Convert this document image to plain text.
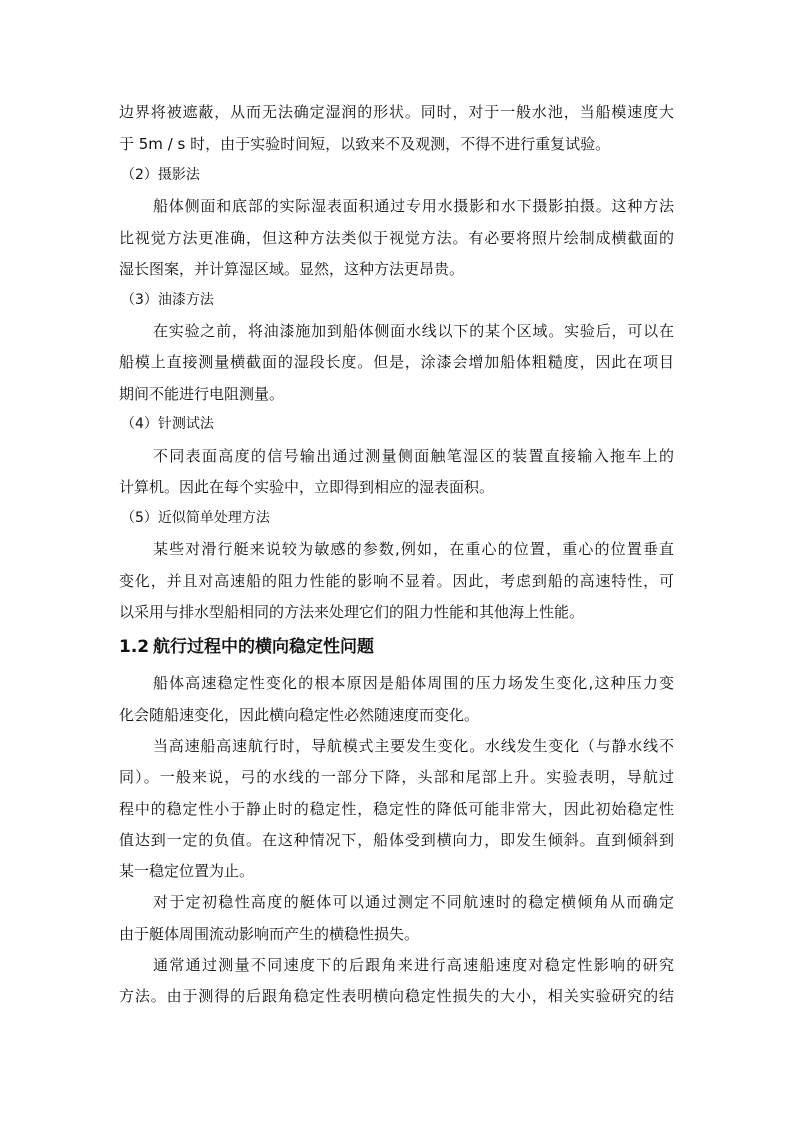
边界将被遮蔽，从而无法确定湿润的形状。同时，对于一般水池，当船模速度大
于 5m / s 时，由于实验时间短，以致来不及观测，不得不进行重复试验。
（2）摄影法
船体侧面和底部的实际湿表面积通过专用水摄影和水下摄影拍摄。这种方法
比视觉方法更准确，但这种方法类似于视觉方法。有必要将照片绘制成横截面的
湿长图案，并计算湿区域。显然，这种方法更昂贵。
（3）油漆方法
在实验之前，将油漆施加到船体侧面水线以下的某个区域。实验后，可以在
船模上直接测量横截面的湿段长度。但是，涂漆会增加船体粗糙度，因此在项目
期间不能进行电阻测量。
（4）针测试法
不同表面高度的信号输出通过测量侧面触笔湿区的装置直接输入拖车上的
计算机。因此在每个实验中，立即得到相应的湿表面积。
（5）近似简单处理方法
某些对滑行艇来说较为敏感的参数,例如，在重心的位置，重心的位置垂直
变化，并且对高速船的阻力性能的影响不显着。因此，考虑到船的高速特性，可
以采用与排水型船相同的方法来处理它们的阻力性能和其他海上性能。
1.2 航行过程中的横向稳定性问题
船体高速稳定性变化的根本原因是船体周围的压力场发生变化,这种压力变
化会随船速变化，因此横向稳定性必然随速度而变化。
当高速船高速航行时，导航模式主要发生变化。水线发生变化（与静水线不
同）。一般来说，弓的水线的一部分下降，头部和尾部上升。实验表明，导航过
程中的稳定性小于静止时的稳定性，稳定性的降低可能非常大，因此初始稳定性
值达到一定的负值。在这种情况下，船体受到横向力，即发生倾斜。直到倾斜到
某一稳定位置为止。
对于定初稳性高度的艇体可以通过测定不同航速时的稳定横倾角从而确定
由于艇体周围流动影响而产生的横稳性损失。
通常通过测量不同速度下的后跟角来进行高速船速度对稳定性影响的研究
方法。由于测得的后跟角稳定性表明横向稳定性损失的大小，相关实验研究的结
